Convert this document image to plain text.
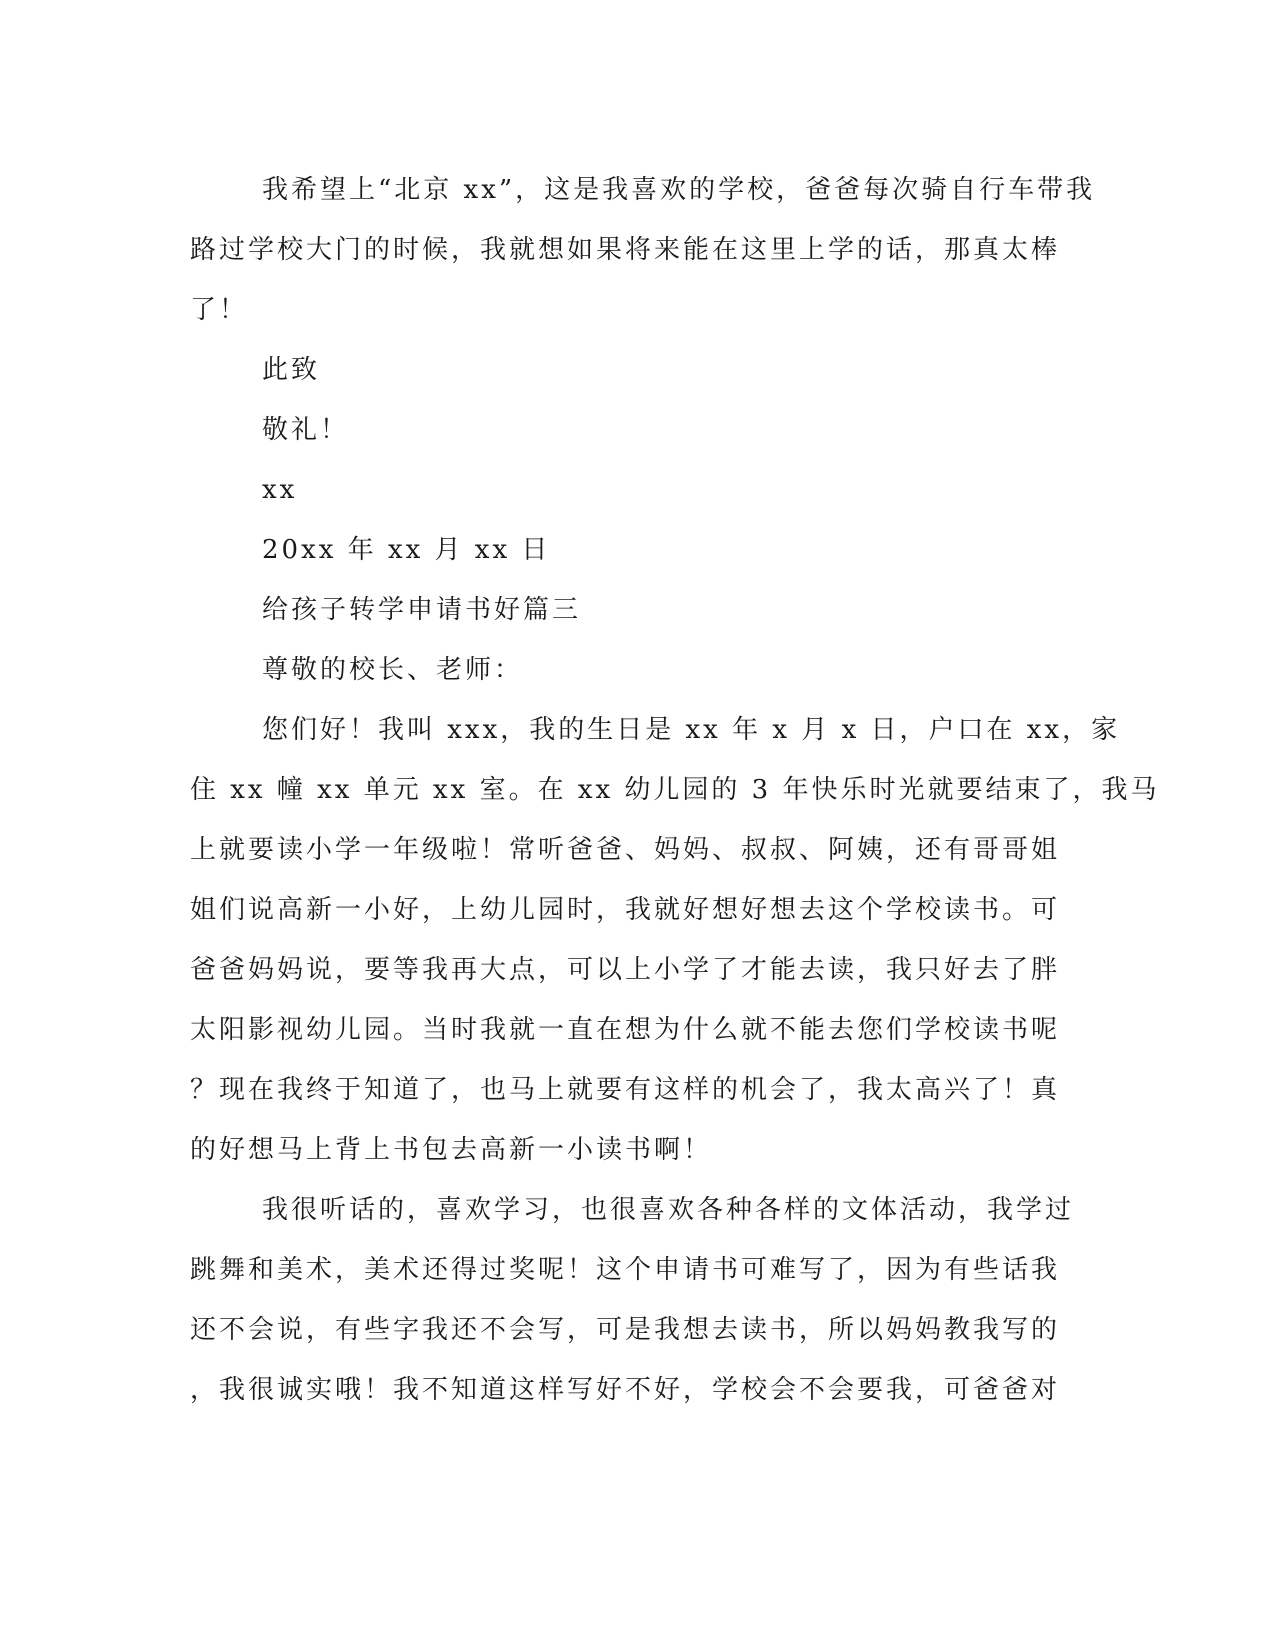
我希望上“北京 xx”，这是我喜欢的学校，爸爸每次骑自行车带我
路过学校大门的时候，我就想如果将来能在这里上学的话，那真太棒
了！
此致
敬礼！
xx
20xx 年 xx 月 xx 日
给孩子转学申请书好篇三
尊敬的校长、老师：
您们好！我叫 xxx，我的生日是 xx 年 x 月 x 日，户口在 xx，家
住 xx 幢 xx 单元 xx 室。在 xx 幼儿园的 3 年快乐时光就要结束了，我马
上就要读小学一年级啦！常听爸爸、妈妈、叔叔、阿姨，还有哥哥姐
姐们说高新一小好，上幼儿园时，我就好想好想去这个学校读书。可
爸爸妈妈说，要等我再大点，可以上小学了才能去读，我只好去了胖
太阳影视幼儿园。当时我就一直在想为什么就不能去您们学校读书呢
？现在我终于知道了，也马上就要有这样的机会了，我太高兴了！真
的好想马上背上书包去高新一小读书啊！
我很听话的，喜欢学习，也很喜欢各种各样的文体活动，我学过
跳舞和美术，美术还得过奖呢！这个申请书可难写了，因为有些话我
还不会说，有些字我还不会写，可是我想去读书，所以妈妈教我写的
，我很诚实哦！我不知道这样写好不好，学校会不会要我，可爸爸对
